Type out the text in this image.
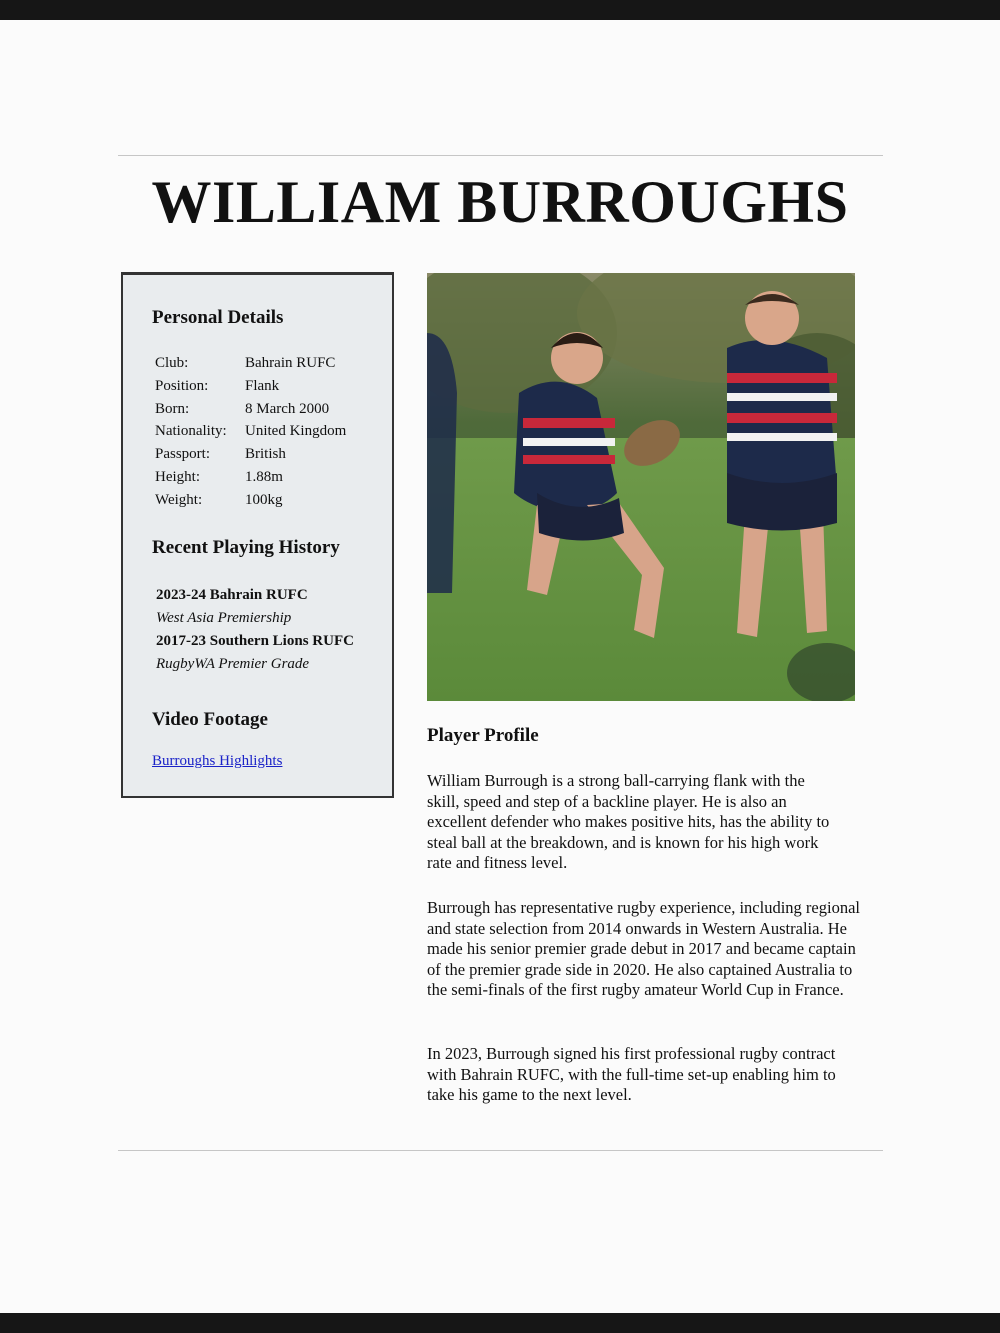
WILLIAM BURROUGHS
Personal Details
Club:	Bahrain RUFC
Position:	Flank
Born:	8 March 2000
Nationality:	United Kingdom
Passport:	British
Height:	1.88m
Weight:	100kg
Recent Playing History
2023-24 Bahrain RUFC
West Asia Premiership
2017-23 Southern Lions RUFC
RugbyWA Premier Grade
Video Footage
Burroughs Highlights
Player Profile

William Burrough is a strong ball-carrying flank with the skill, speed and step of a backline player. He is also an excellent defender who makes positive hits, has the ability to steal ball at the breakdown, and is known for his high work rate and fitness level.

Burrough has representative rugby experience, including regional and state selection from 2014 onwards in Western Australia. He made his senior premier grade debut in 2017 and became captain of the premier grade side in 2020. He also captained Australia to the semi-finals of the first rugby amateur World Cup in France.

In 2023, Burrough signed his first professional rugby contract with Bahrain RUFC, with the full-time set-up enabling him to take his game to the next level.
